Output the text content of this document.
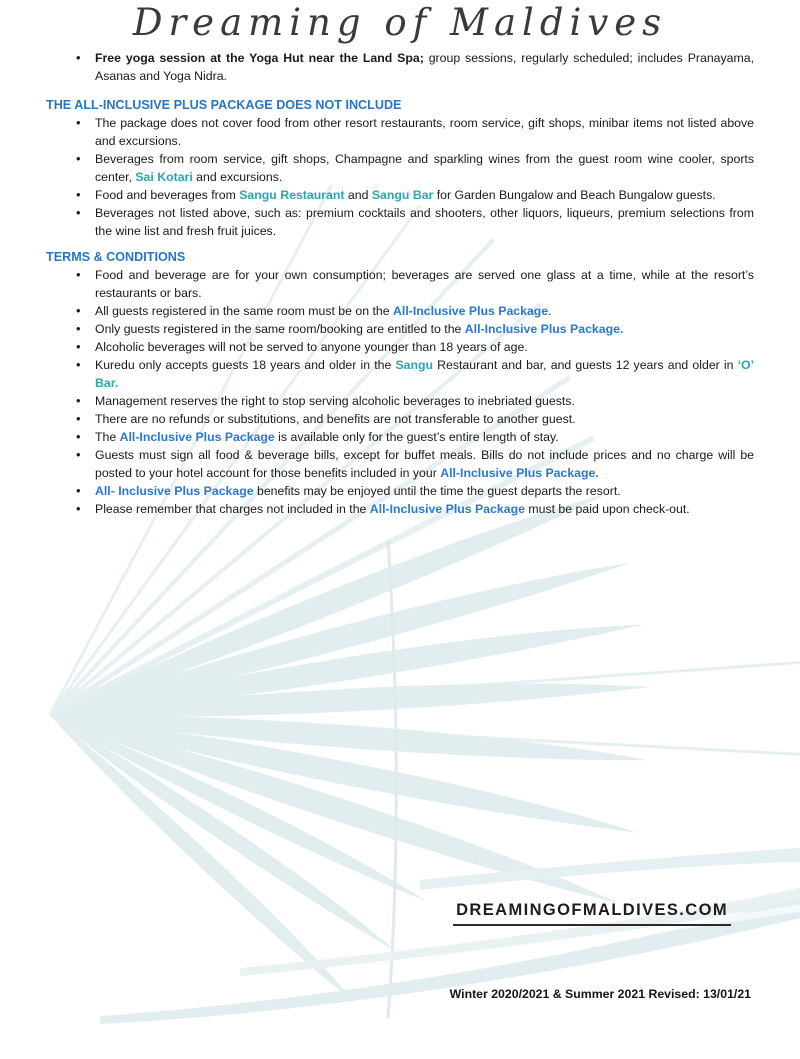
Dreaming of Maldives
• Free yoga session at the Yoga Hut near the Land Spa; group sessions, regularly scheduled; includes Pranayama, Asanas and Yoga Nidra.
THE ALL-INCLUSIVE PLUS PACKAGE DOES NOT INCLUDE
• The package does not cover food from other resort restaurants, room service, gift shops, minibar items not listed above and excursions.
• Beverages from room service, gift shops, Champagne and sparkling wines from the guest room wine cooler, sports center, Sai Kotari and excursions.
• Food and beverages from Sangu Restaurant and Sangu Bar for Garden Bungalow and Beach Bungalow guests.
• Beverages not listed above, such as: premium cocktails and shooters, other liquors, liqueurs, premium selections from the wine list and fresh fruit juices.
TERMS & CONDITIONS
• Food and beverage are for your own consumption; beverages are served one glass at a time, while at the resort’s restaurants or bars.
• All guests registered in the same room must be on the All-Inclusive Plus Package.
• Only guests registered in the same room/booking are entitled to the All-Inclusive Plus Package.
• Alcoholic beverages will not be served to anyone younger than 18 years of age.
• Kuredu only accepts guests 18 years and older in the Sangu Restaurant and bar, and guests 12 years and older in ‘O’ Bar.
• Management reserves the right to stop serving alcoholic beverages to inebriated guests.
• There are no refunds or substitutions, and benefits are not transferable to another guest.
• The All-Inclusive Plus Package is available only for the guest’s entire length of stay.
• Guests must sign all food & beverage bills, except for buffet meals. Bills do not include prices and no charge will be posted to your hotel account for those benefits included in your All-Inclusive Plus Package.
• All- Inclusive Plus Package benefits may be enjoyed until the time the guest departs the resort.
• Please remember that charges not included in the All-Inclusive Plus Package must be paid upon check-out.
DREAMINGOFMALDIVES.COM
Winter 2020/2021 & Summer 2021 Revised: 13/01/21
